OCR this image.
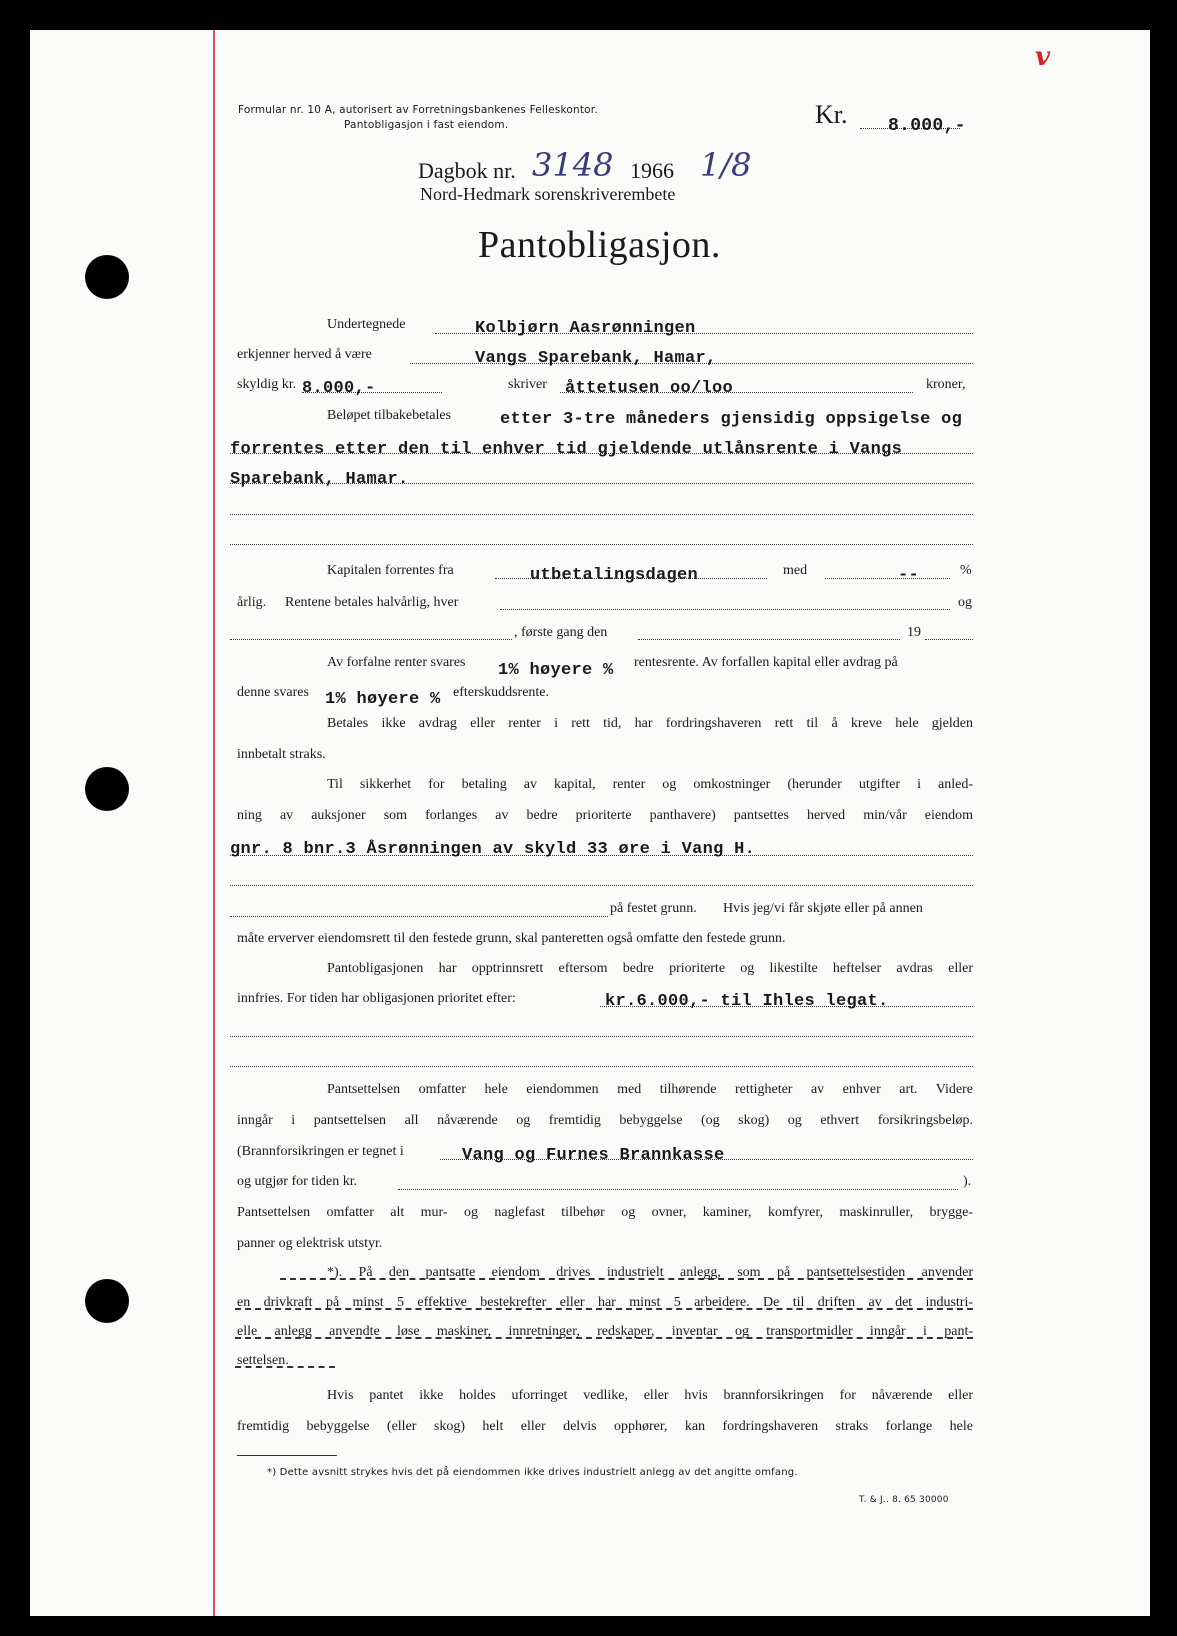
Formular nr. 10 A, autorisert av Forretningsbankenes Felleskontor.
Pantobligasjon i fast eiendom.	Kr. 8.000,-
v
Dagbok nr. 3148 1966 1/8
Nord-Hedmark sorenskriverembete
Pantobligasjon.
Undertegnede	Kolbjørn Aasrønningen
erkjenner herved å være	Vangs Sparebank, Hamar,
skyldig kr. 8.000,-	skriver åttetusen oo/loo	kroner,
Beløpet tilbakebetales	etter 3-tre måneders gjensidig oppsigelse og
forrentes etter den til enhver tid gjeldende utlånsrente i Vangs
Sparebank, Hamar.
Kapitalen forrentes fra	utbetalingsdagen	med	--	%
årlig. Rentene betales halvårlig, hver	og
, første gang den	19
Av forfalne renter svares 1% høyere % rentesrente. Av forfallen kapital eller avdrag på
denne svares 1% høyere % efterskuddsrente.
Betales ikke avdrag eller renter i rett tid, har fordringshaveren rett til å kreve hele gjelden
innbetalt straks.
Til sikkerhet for betaling av kapital, renter og omkostninger (herunder utgifter i anled-
ning av auksjoner som forlanges av bedre prioriterte panthavere) pantsettes herved min/vår eiendom
gnr. 8 bnr.3 Åsrønningen av skyld 33 øre i Vang H.
på festet grunn. Hvis jeg/vi får skjøte eller på annen
måte erverver eiendomsrett til den festede grunn, skal panteretten også omfatte den festede grunn.
Pantobligasjonen har opptrinnsrett eftersom bedre prioriterte og likestilte heftelser avdras eller
innfries. For tiden har obligasjonen prioritet efter:	kr.6.000,- til Ihles legat.
Pantsettelsen omfatter hele eiendommen med tilhørende rettigheter av enhver art. Videre
inngår i pantsettelsen all nåværende og fremtidig bebyggelse (og skog) og ethvert forsikringsbeløp.
(Brannforsikringen er tegnet i	Vang og Furnes Brannkasse
og utgjør for tiden kr.	).
Pantsettelsen omfatter alt mur- og naglefast tilbehør og ovner, kaminer, komfyrer, maskinruller, brygge-
panner og elektrisk utstyr.
*). På den pantsatte eiendom drives industrielt anlegg, som på pantsettelsestiden anvender
en drivkraft på minst 5 effektive bestekrefter eller har minst 5 arbeidere. De til driften av det industri-
elle anlegg anvendte løse maskiner, innretninger, redskaper, inventar og transportmidler inngår i pant-
settelsen.
Hvis pantet ikke holdes uforringet vedlike, eller hvis brannforsikringen for nåværende eller
fremtidig bebyggelse (eller skog) helt eller delvis opphører, kan fordringshaveren straks forlange hele
*) Dette avsnitt strykes hvis det på eiendommen ikke drives industrielt anlegg av det angitte omfang.
T. & J.. 8. 65 30000
